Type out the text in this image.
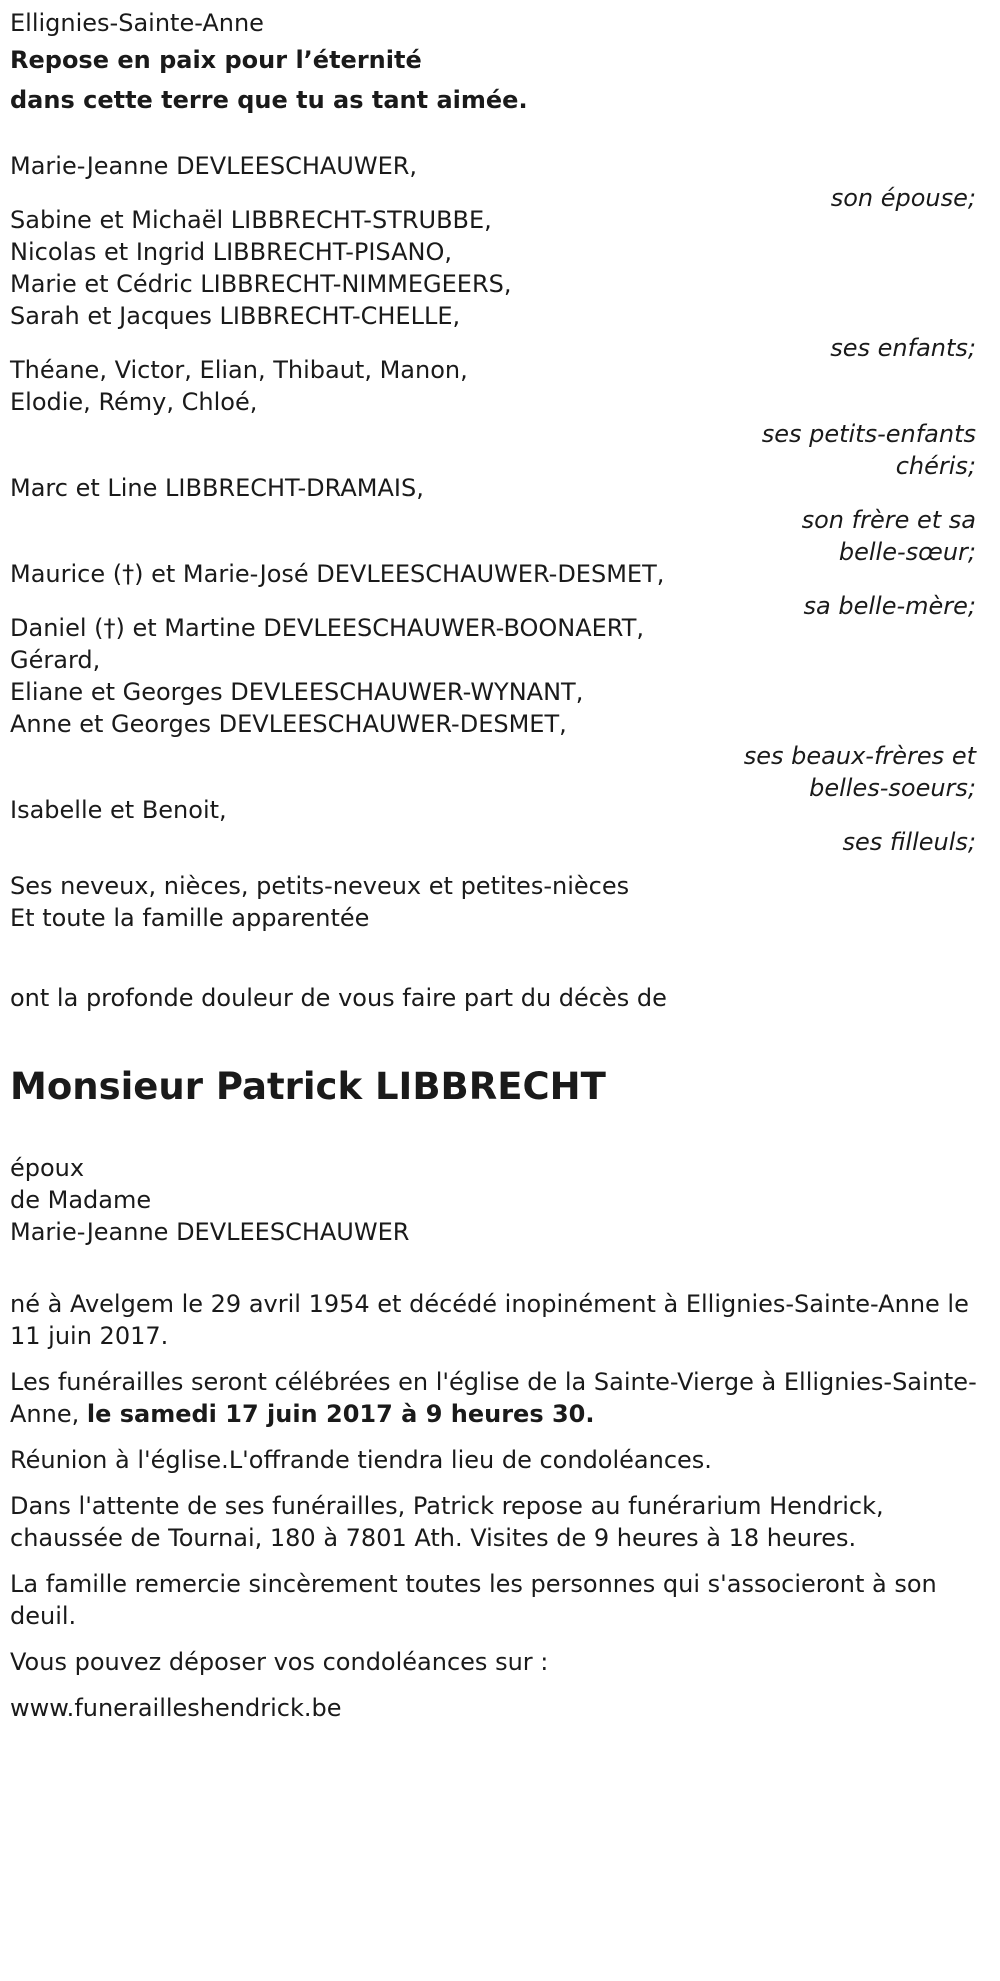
Ellignies-Sainte-Anne
Repose en paix pour l’éternité
dans cette terre que tu as tant aimée.
Marie-Jeanne DEVLEESCHAUWER,
son épouse;
Sabine et Michaël LIBBRECHT-STRUBBE,
Nicolas et Ingrid LIBBRECHT-PISANO,
Marie et Cédric LIBBRECHT-NIMMEGEERS,
Sarah et Jacques LIBBRECHT-CHELLE,
ses enfants;
Théane, Victor, Elian, Thibaut, Manon,
Elodie, Rémy, Chloé,
ses petits-enfants
chéris;
Marc et Line LIBBRECHT-DRAMAIS,
son frère et sa
belle-sœur;
Maurice (†) et Marie-José DEVLEESCHAUWER-DESMET,
sa belle-mère;
Daniel (†) et Martine DEVLEESCHAUWER-BOONAERT,
Gérard,
Eliane et Georges DEVLEESCHAUWER-WYNANT,
Anne et Georges DEVLEESCHAUWER-DESMET,
ses beaux-frères et
belles-soeurs;
Isabelle et Benoit,
ses filleuls;
Ses neveux, nièces, petits-neveux et petites-nièces
Et toute la famille apparentée
ont la profonde douleur de vous faire part du décès de
Monsieur Patrick LIBBRECHT
époux
de Madame
Marie-Jeanne DEVLEESCHAUWER
né à Avelgem le 29 avril 1954 et décédé inopinément à Ellignies-Sainte-Anne le 11 juin 2017.
Les funérailles seront célébrées en l'église de la Sainte-Vierge à Ellignies-Sainte-Anne, le samedi 17 juin 2017 à 9 heures 30.
Réunion à l'église.L'offrande tiendra lieu de condoléances.
Dans l'attente de ses funérailles, Patrick repose au funérarium Hendrick, chaussée de Tournai, 180 à 7801 Ath. Visites de 9 heures à 18 heures.
La famille remercie sincèrement toutes les personnes qui s'associeront à son deuil.
Vous pouvez déposer vos condoléances sur :
www.funerailleshendrick.be
